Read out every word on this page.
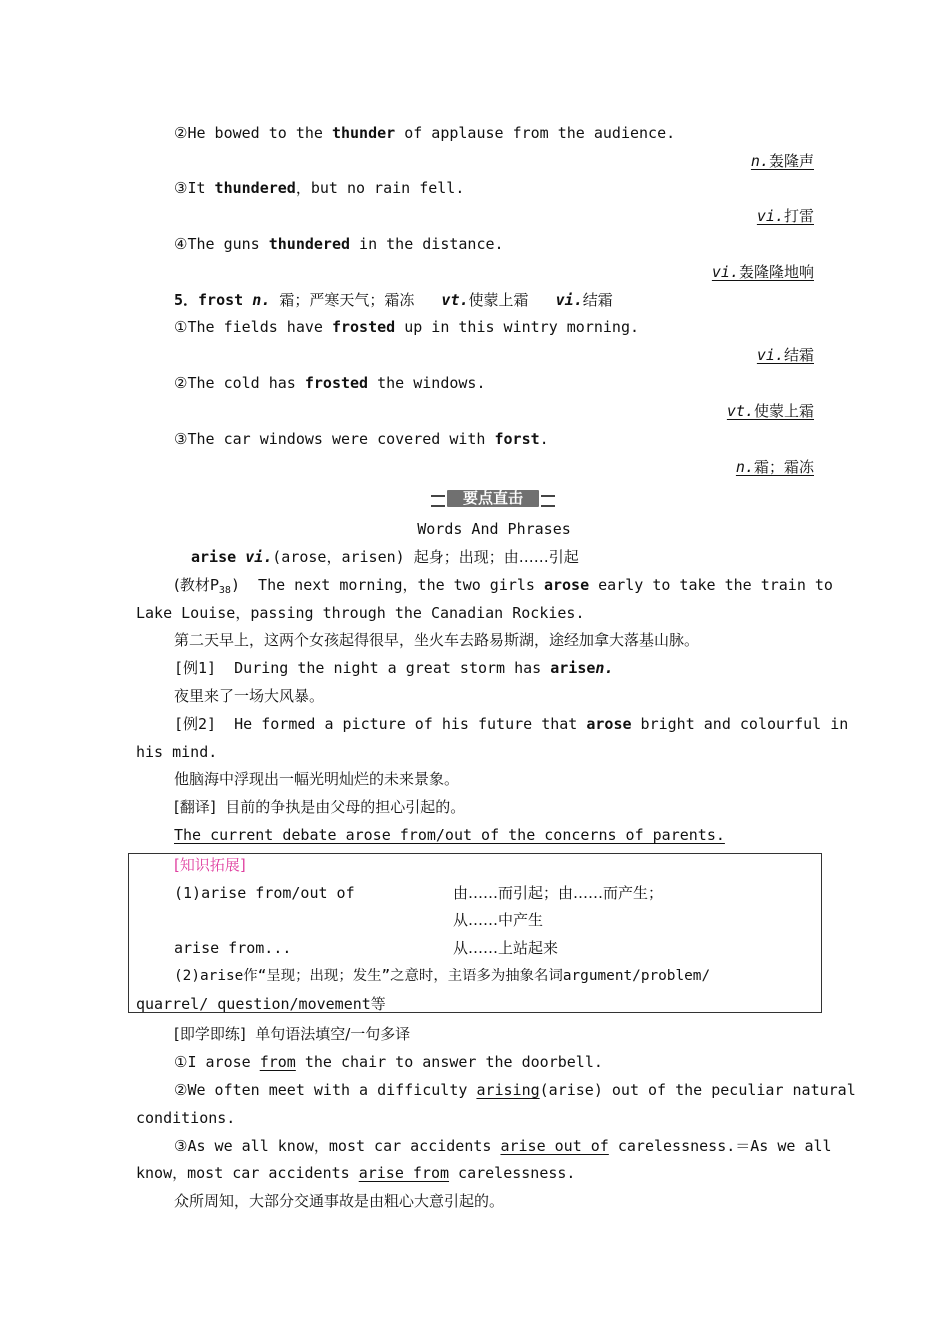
②He bowed to the thunder of applause from the audience.
n.轰隆声
③It thundered，but no rain fell.
vi.打雷
④The guns thundered in the distance.
vi.轰隆隆地响
5．frost n. 霜；严寒天气；霜冻 vt.使蒙上霜 vi.结霜
①The fields have frosted up in this wintry morning.
vi.结霜
②The cold has frosted the windows.
vt.使蒙上霜
③The car windows were covered with forst.
n.霜；霜冻
要点直击
Words And Phrases
arise vi.(arose，arisen) 起身；出现；由……引起
(教材$P_{38}$)  The next morning，the two girls arose early to take the train to
Lake Louise，passing through the Canadian Rockies.
第二天早上，这两个女孩起得很早，坐火车去路易斯湖，途经加拿大落基山脉。
[例1]  During the night a great storm has arisen.
夜里来了一场大风暴。
[例2]  He formed a picture of his future that arose bright and colourful in
his mind.
他脑海中浮现出一幅光明灿烂的未来景象。
[翻译]  目前的争执是由父母的担心引起的。
The current debate arose from/out of the concerns of parents.
[知识拓展]
(1)arise from/out of	由……而引起；由……而产生；
从……中产生
arise from...	从……上站起来
(2)arise作“呈现；出现；发生”之意时，主语多为抽象名词argument/problem/
quarrel/ question/movement等
[即学即练]  单句语法填空/一句多译
①I arose from the chair to answer the doorbell.
②We often meet with a difficulty arising(arise) out of the peculiar natural
conditions.
③As we all know，most car accidents arise out of carelessness.＝As we all
know，most car accidents arise from carelessness.
众所周知，大部分交通事故是由粗心大意引起的。
